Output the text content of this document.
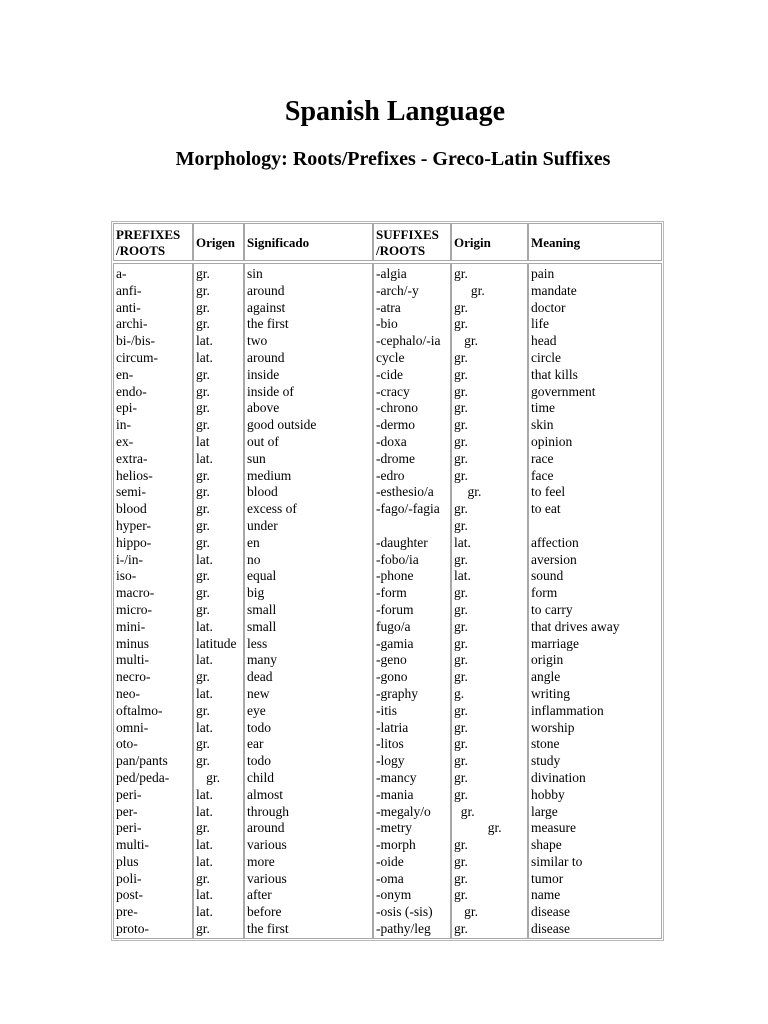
Spanish Language
Morphology: Roots/Prefixes - Greco-Latin Suffixes
PREFIXES
/ROOTS
Origen Significado
SUFFIXES
/ROOTS
Origin	Meaning
a-
anfi-
anti-
archi-
bi-/bis-
circum-
en-
endo-
epi-
in-
ex-
extra-
helios-
semi-
blood
hyper-
hippo-
i-/in-
iso-
macro-
micro-
mini-
minus
multi-
necro-
neo-
oftalmo-
omni-
oto-
pan/pants
ped/peda-
peri-
per-
peri-
multi-
plus
poli-
post-
pre-
proto-
gr.
gr.
gr.
gr.
lat.
lat.
gr.
gr.
gr.
gr.
lat
lat.
gr.
gr.
gr.
gr.
gr.
lat.
gr.
gr.
gr.
lat.
latitude
lat.
gr.
lat.
gr.
lat.
gr.
gr.
gr.
lat.
lat.
gr.
lat.
lat.
gr.
lat.
lat.
gr.
sin
around
against
the first
two
around
inside
inside of
above
good outside
out of
sun
medium
blood
excess of
under
en
no
equal
big
small
small
less
many
dead
new
eye
todo
ear
todo
child
almost
through
around
various
more
various
after
before
the first
-algia
-arch/-y
-atra
-bio
-cephalo/-ia
cycle
-cide
-cracy
-chrono
-dermo
-doxa
-drome
-edro
-esthesio/a
-fago/-fagia
-daughter
-fobo/ia
-phone
-form
-forum
fugo/a
-gamia
-geno
-gono
-graphy
-itis
-latria
-litos
-logy
-mancy
-mania
-megaly/o
-metry
-morph
-oide
-oma
-onym
-osis (-sis)
-pathy/leg
gr.
gr.
gr.
gr.
gr.
gr.
gr.
gr.
gr.
gr.
gr.
gr.
gr.
gr.
gr.
gr.
lat.
gr.
lat.
gr.
gr.
gr.
gr.
gr.
gr.
g.
gr.
gr.
gr.
gr.
gr.
gr.
gr.
gr.
gr.
gr.
gr.
gr.
gr.
gr.
pain
mandate
doctor
life
head
circle
that kills
government
time
skin
opinion
race
face
to feel
to eat
affection
aversion
sound
form
to carry
that drives away
marriage
origin
angle
writing
inflammation
worship
stone
study
divination
hobby
large
measure
shape
similar to
tumor
name
disease
disease
